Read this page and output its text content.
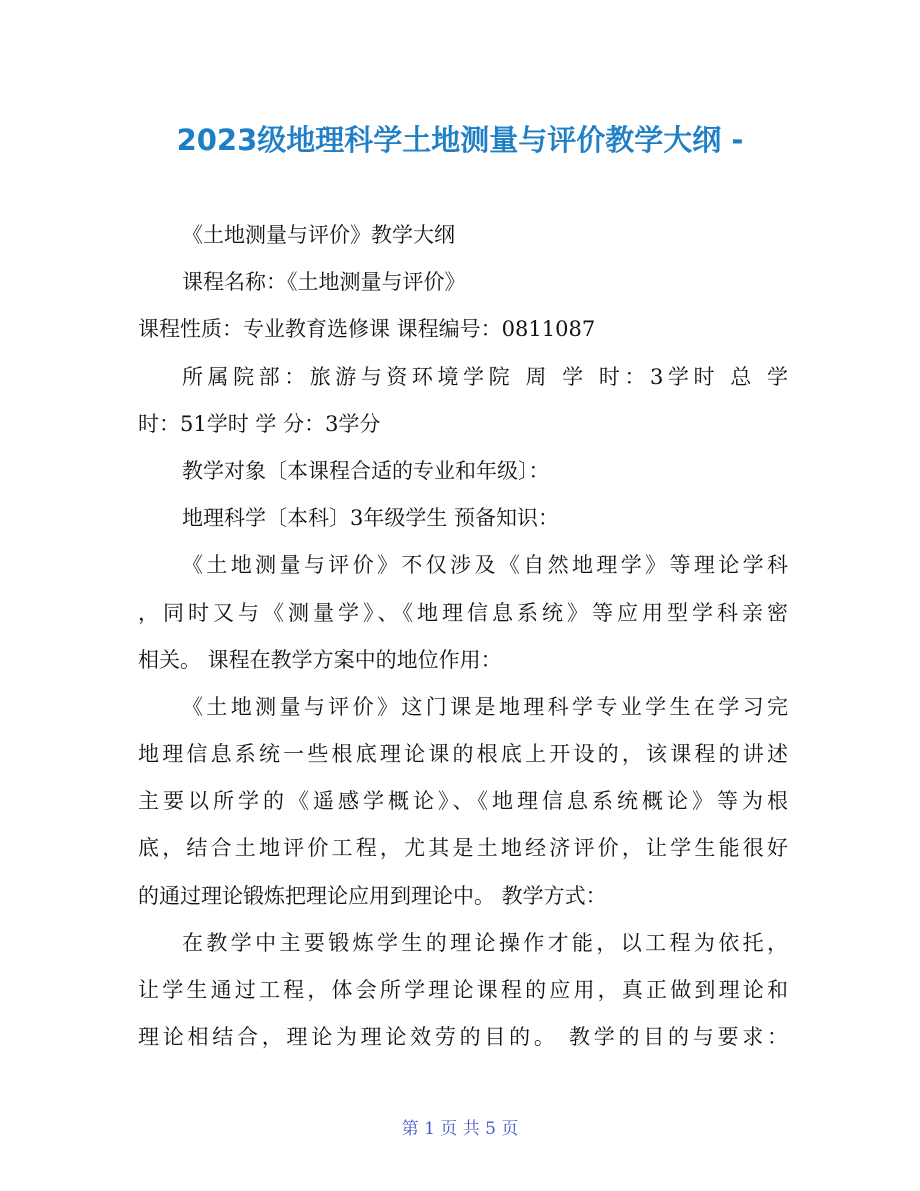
2023级地理科学土地测量与评价教学大纲 -
《土地测量与评价》教学大纲
课程名称：《土地测量与评价》
课程性质：专业教育选修课 课程编号：0811087
所属院部：旅游与资环境学院 周 学 时：3学时 总 学
时：51学时 学 分：3学分
教学对象〔本课程合适的专业和年级〕：
地理科学〔本科〕3年级学生 预备知识：
《土地测量与评价》不仅涉及《自然地理学》等理论学科
，同时又与《测量学》、《地理信息系统》等应用型学科亲密
相关。 课程在教学方案中的地位作用：
《土地测量与评价》这门课是地理科学专业学生在学习完
地理信息系统一些根底理论课的根底上开设的，该课程的讲述
主要以所学的《遥感学概论》、《地理信息系统概论》等为根
底，结合土地评价工程，尤其是土地经济评价，让学生能很好
的通过理论锻炼把理论应用到理论中。 教学方式：
在教学中主要锻炼学生的理论操作才能，以工程为依托，
让学生通过工程，体会所学理论课程的应用，真正做到理论和
理论相结合，理论为理论效劳的目的。 教学的目的与要求：
第 1 页 共 5 页
